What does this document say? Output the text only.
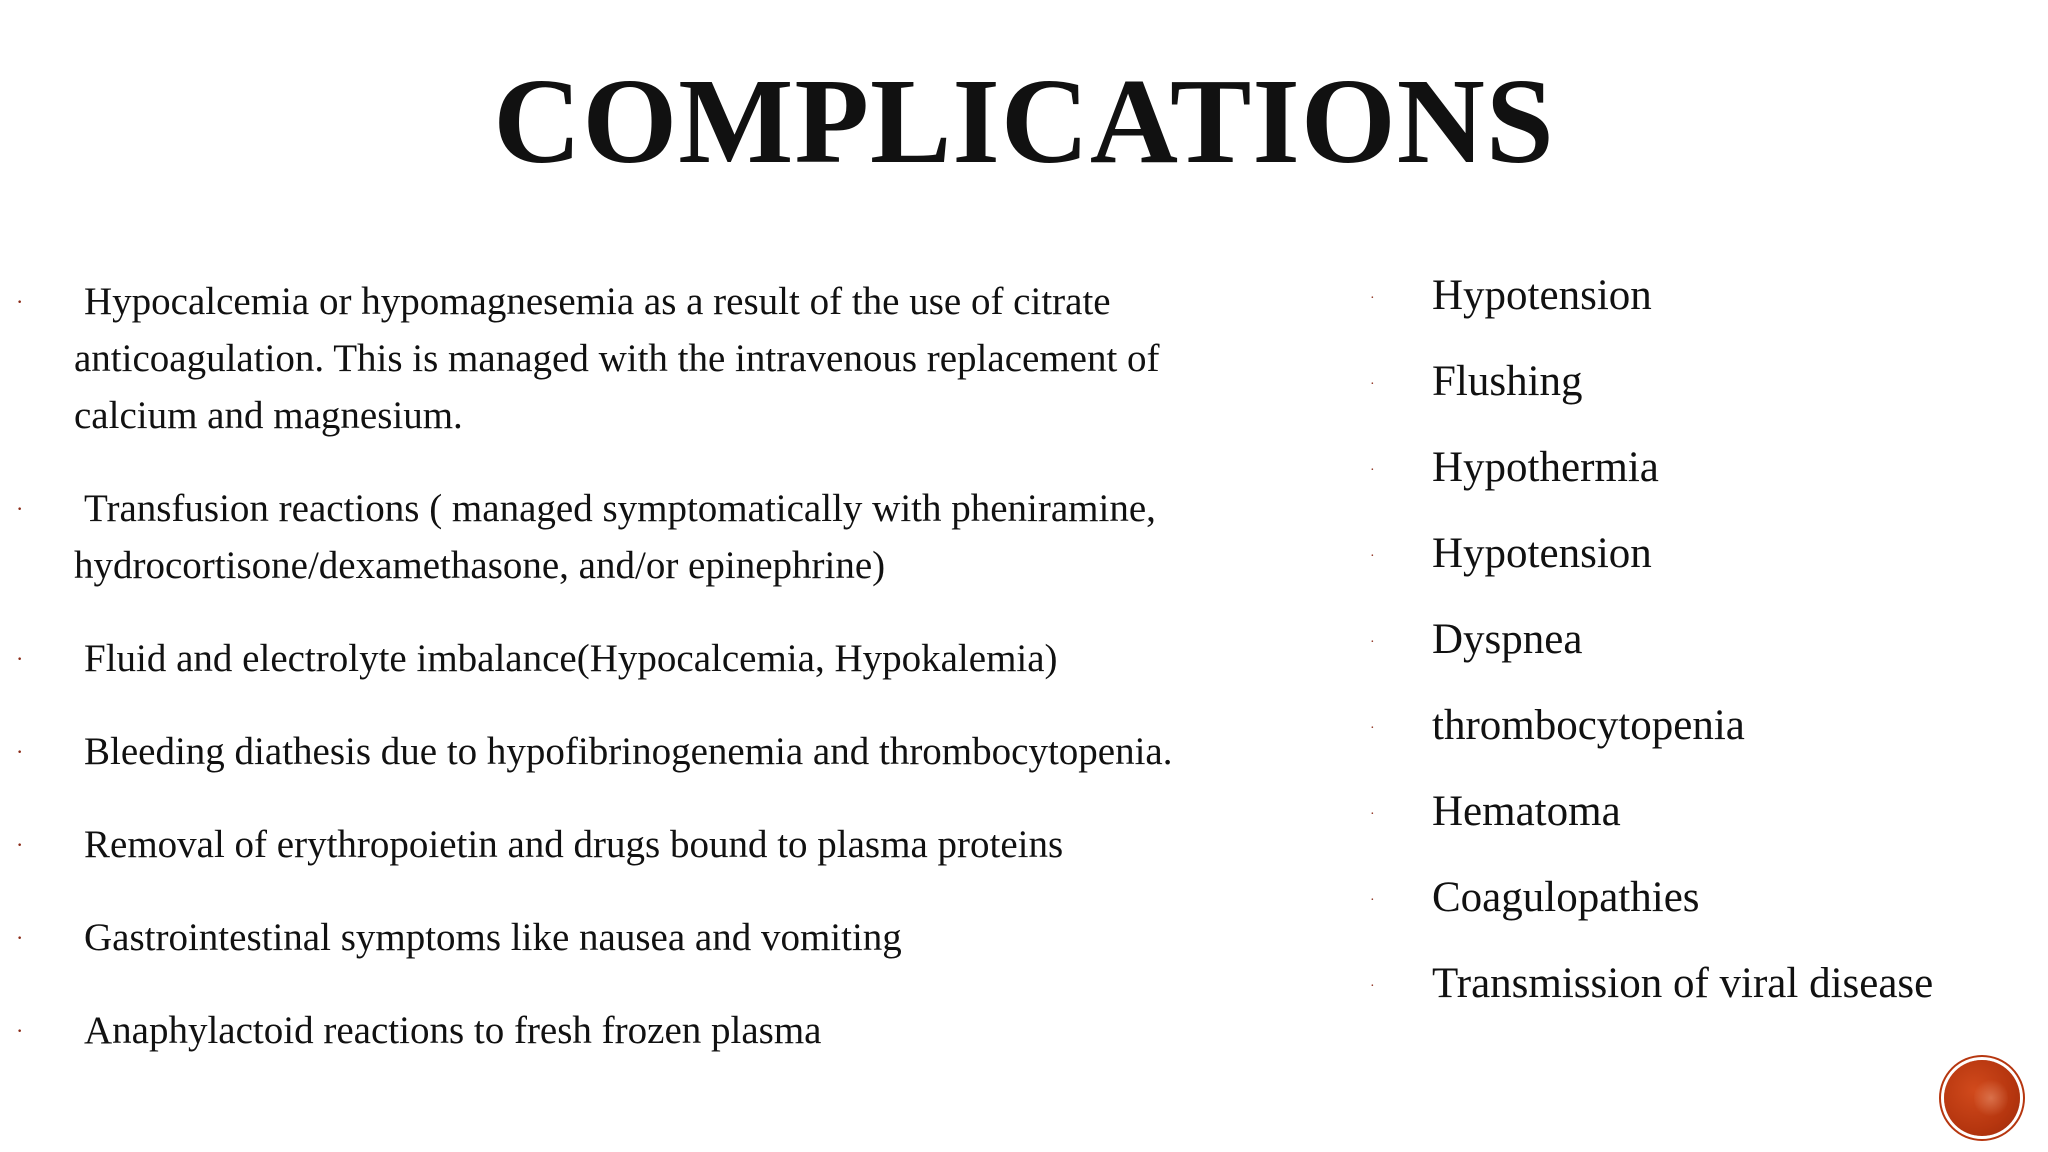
COMPLICATIONS
· Hypocalcemia or hypomagnesemia as a result of the use of citrate anticoagulation. This is managed with the intravenous replacement of calcium and magnesium.
· Transfusion reactions ( managed symptomatically with pheniramine, hydrocortisone/dexamethasone, and/or epinephrine)
· Fluid and electrolyte imbalance(Hypocalcemia, Hypokalemia)
· Bleeding diathesis due to hypofibrinogenemia and thrombocytopenia.
· Removal of erythropoietin and drugs bound to plasma proteins
· Gastrointestinal symptoms like nausea and vomiting
· Anaphylactoid reactions to fresh frozen plasma
· Hypotension
· Flushing
· Hypothermia
· Hypotension
· Dyspnea
· thrombocytopenia
· Hematoma
· Coagulopathies
· Transmission of viral disease
